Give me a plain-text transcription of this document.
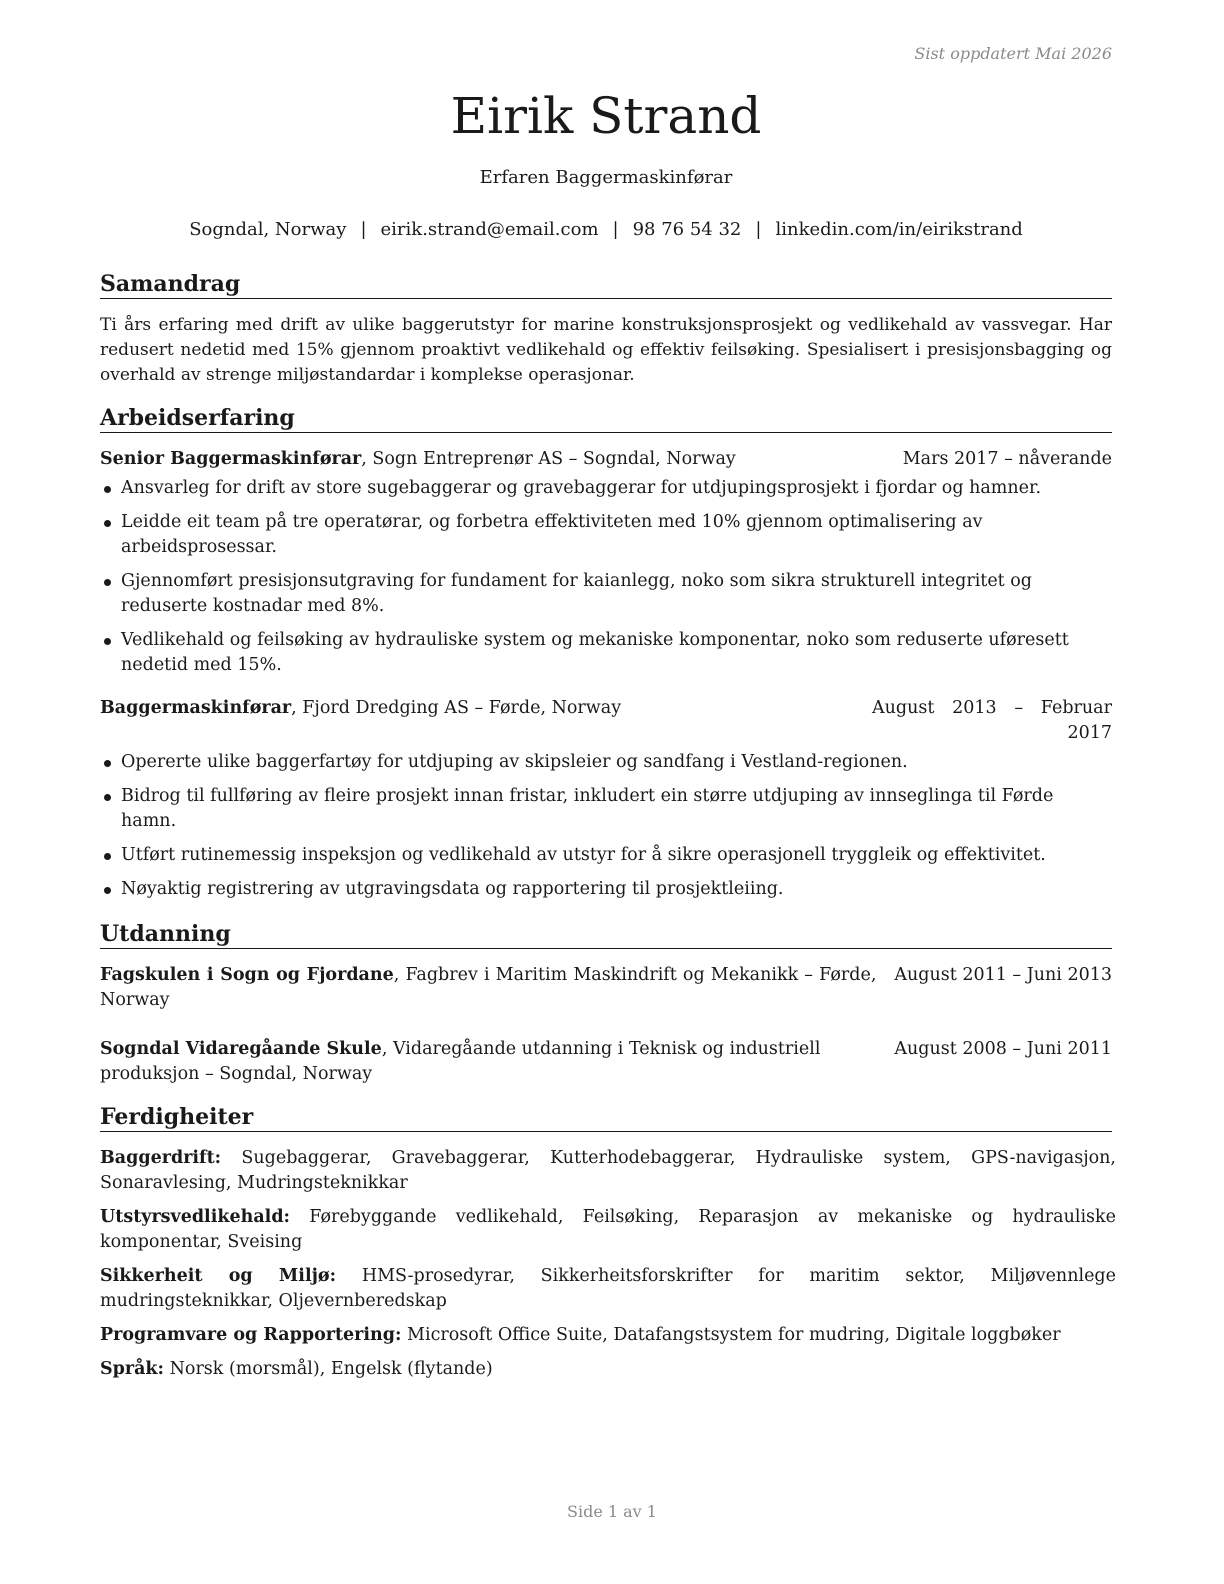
Sist oppdatert Mai 2026
Eirik Strand
Erfaren Baggermaskinførar
Sogndal, Norway | eirik.strand@email.com | 98 76 54 32 | linkedin.com/in/eirikstrand
Samandrag

Ti års erfaring med drift av ulike baggerutstyr for marine konstruksjonsprosjekt og vedlikehald av vassvegar. Har redusert nedetid med 15% gjennom proaktivt vedlikehald og effektiv feilsøking. Spesialisert i presisjonsbagging og overhald av strenge miljøstandardar i komplekse operasjonar.

Arbeidserfaring
Senior Baggermaskinførar, Sogn Entreprenør AS – Sogndal, Norway	Mars 2017 – nåverande
Ansvarleg for drift av store sugebaggerar og gravebaggerar for utdjupingsprosjekt i fjordar og hamner.
Leidde eit team på tre operatørar, og forbetra effektiviteten med 10% gjennom optimalisering av arbeidsprosessar.
Gjennomført presisjonsutgraving for fundament for kaianlegg, noko som sikra strukturell integritet og reduserte kostnadar med 8%.
Vedlikehald og feilsøking av hydrauliske system og mekaniske komponentar, noko som reduserte uføresett nedetid med 15%.
Baggermaskinførar, Fjord Dredging AS – Førde, Norway	August 2013 – Februar 2017
Opererte ulike baggerfartøy for utdjuping av skipsleier og sandfang i Vestland-regionen.
Bidrog til fullføring av fleire prosjekt innan fristar, inkludert ein større utdjuping av innseglinga til Førde hamn.
Utført rutinemessig inspeksjon og vedlikehald av utstyr for å sikre operasjonell tryggleik og effektivitet.
Nøyaktig registrering av utgravingsdata og rapportering til prosjektleiing.
Utdanning
Fagskulen i Sogn og Fjordane, Fagbrev i Maritim Maskindrift og Mekanikk – Førde, Norway
August 2011 – Juni 2013
Sogndal Vidaregåande Skule, Vidaregåande utdanning i Teknisk og industriell produksjon – Sogndal, Norway
August 2008 – Juni 2011
Ferdigheiter
Baggerdrift: Sugebaggerar, Gravebaggerar, Kutterhodebaggerar, Hydrauliske system, GPS-navigasjon, Sonaravlesing, Mudringsteknikkar
Utstyrsvedlikehald: Førebyggande vedlikehald, Feilsøking, Reparasjon av mekaniske og hydrauliske komponentar, Sveising
Sikkerheit og Miljø: HMS-prosedyrar, Sikkerheitsforskrifter for maritim sektor, Miljøvennlege mudringsteknikkar, Oljevernberedskap
Programvare og Rapportering: Microsoft Office Suite, Datafangstsystem for mudring, Digitale loggbøker
Språk: Norsk (morsmål), Engelsk (flytande)
Side 1 av 1
